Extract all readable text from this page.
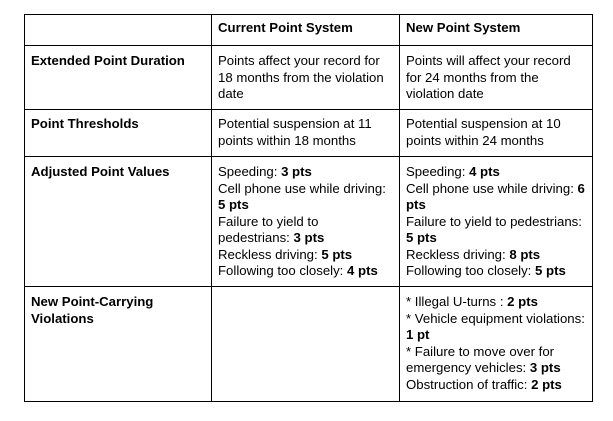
	Current Point System	New Point System
Extended Point Duration	Points affect your record for 18 months from the violation date	Points will affect your record for 24 months from the violation date

Point Thresholds	Potential suspension at 11 points within 18 months	Potential suspension at 10 points within 24 months

Adjusted Point Values	Speeding: 3 pts
Cell phone use while driving: 5 pts
Failure to yield to pedestrians: 3 pts
Reckless driving: 5 pts
Following too closely: 4 pts	Speeding: 4 pts
Cell phone use while driving: 6 pts
Failure to yield to pedestrians: 5 pts
Reckless driving: 8 pts
Following too closely: 5 pts

New Point-Carrying Violations		* Illegal U-turns : 2 pts
* Vehicle equipment violations: 1 pt
* Failure to move over for emergency vehicles: 3 pts
Obstruction of traffic: 2 pts
